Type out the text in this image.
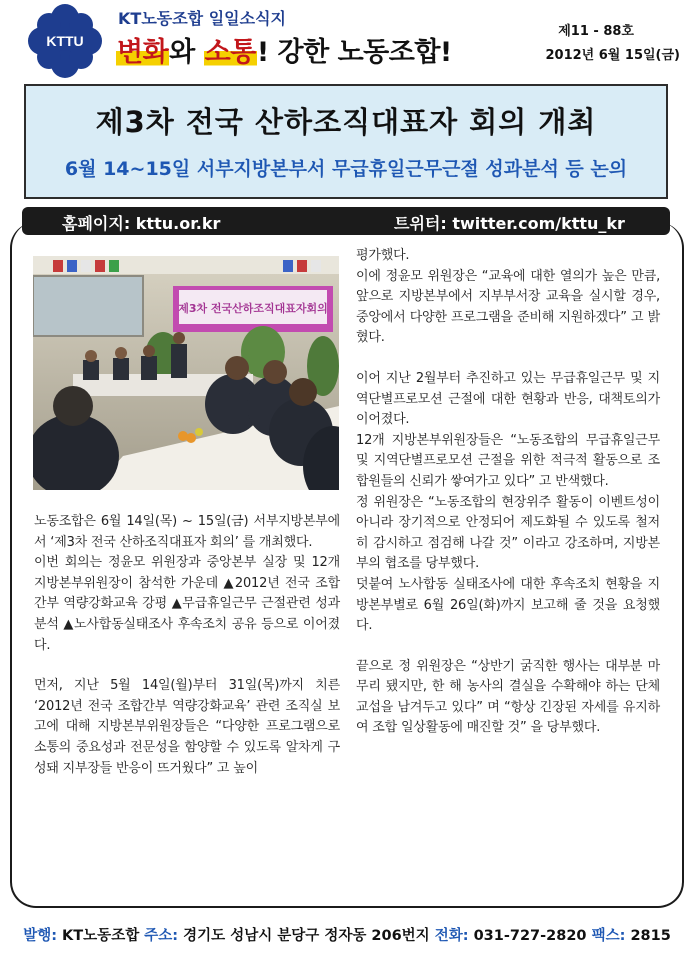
KTTU
KT노동조합 일일소식지
변화와 소통! 강한 노동조합!
제11 - 88호
2012년 6월 15일(금)
제3차 전국 산하조직대표자 회의 개최
6월 14~15일 서부지방본부서 무급휴일근무근절 성과분석 등 논의
홈페이지: kttu.or.kr	트위터: twitter.com/kttu_kr
제3차 전국산하조직대표자회의

노동조합은 6월 14일(목) ~ 15일(금) 서부지방본부에서 ‘제3차 전국 산하조직대표자 회의’ 를 개최했다.

이번 회의는 정윤모 위원장과 중앙본부 실장 및 12개 지방본부위원장이 참석한 가운데 ▲2012년 전국 조합간부 역량강화교육 강평 ▲무급휴일근무 근절관련 성과분석 ▲노사합동실태조사 후속조치 공유 등으로 이어졌다.

먼저, 지난 5월 14일(월)부터 31일(목)까지 치른 ‘2012년 전국 조합간부 역량강화교육’ 관련 조직실 보고에 대해 지방본부위원장들은 “다양한 프로그램으로 소통의 중요성과 전문성을 함양할 수 있도록 알차게 구성돼 지부장들 반응이 뜨거웠다” 고 높이

평가했다.

이에 정윤모 위원장은 “교육에 대한 열의가 높은 만큼, 앞으로 지방본부에서 지부부서장 교육을 실시할 경우, 중앙에서 다양한 프로그램을 준비해 지원하겠다” 고 밝혔다.

이어 지난 2월부터 추진하고 있는 무급휴일근무 및 지역단별프로모션 근절에 대한 현황과 반응, 대책토의가 이어졌다.

12개 지방본부위원장들은 “노동조합의 무급휴일근무 및 지역단별프로모션 근절을 위한 적극적 활동으로 조합원들의 신뢰가 쌓여가고 있다” 고 반색했다.

정 위원장은 “노동조합의 현장위주 활동이 이벤트성이 아니라 장기적으로 안정되어 제도화될 수 있도록 철저히 감시하고 점검해 나갈 것” 이라고 강조하며, 지방본부의 협조를 당부했다.

덧붙여 노사합동 실태조사에 대한 후속조치 현황을 지방본부별로 6월 26일(화)까지 보고해 줄 것을 요청했다.

끝으로 정 위원장은 “상반기 굵직한 행사는 대부분 마무리 됐지만, 한 해 농사의 결실을 수확해야 하는 단체교섭을 남겨두고 있다” 며 “항상 긴장된 자세를 유지하여 조합 일상활동에 매진할 것” 을 당부했다.

발행: KT노동조합 주소: 경기도 성남시 분당구 정자동 206번지 전화: 031-727-2820 팩스: 2815
